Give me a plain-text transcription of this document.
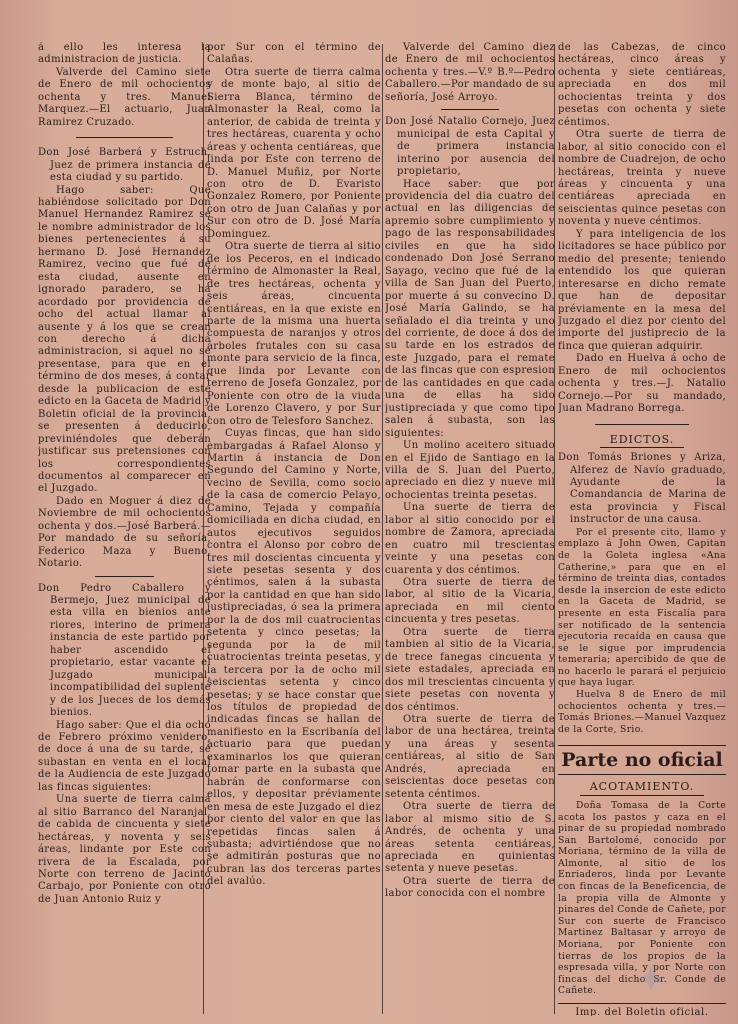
á ello les interesa la administracion de justicia.
Valverde del Camino siete de Enero de mil ochocientos ochenta y tres. Manuel Marquez.—El actuario, Juan Ramirez Cruzado.
Don José Barberá y Estruch, Juez de primera instancia de esta ciudad y su partido.
Hago saber: Que habiéndose solicitado por Don Manuel Hernandez Ramirez se le nombre administrador de los bienes pertenecientes á su hermano D. José Hernandez Ramirez, vecino que fué de esta ciudad, ausente en ignorado paradero, se ha acordado por providencia de ocho del actual llamar al ausente y á los que se crean con derecho á dicha administracion, si aquel no se presentase, para que en el término de dos meses, á contar desde la publicacion de este edicto en la Gaceta de Madrid y Boletin oficial de la provincia, se presenten á deducirlo, previniéndoles que deberán justificar sus pretensiones con los correspondientes documentos al comparecer en el Juzgado.
Dado en Moguer á diez de Noviembre de mil ochocientos ochenta y dos.—José Barberá.—Por mandado de su señoría, Federico Maza y Bueno, Notario.
Don Pedro Caballero y Bermejo, Juez municipal de esta villa en bienios ante riores, interino de primera instancia de este partido por haber ascendido el propietario, estar vacante el Juzgado municipal, incompatibilidad del suplente y de los Jueces de los demás bienios.
Hago saber: Que el dia ocho de Febrero próximo venidero, de doce á una de su tarde, se subastan en venta en el local de la Audiencia de este Juzgado las fincas siguientes:
Una suerte de tierra calma al sitio Barranco del Naranjal, de cabida de cincuenta y siete hectáreas, y noventa y seis áreas, lindante por Este con rivera de la Escalada, por Norte con terreno de Jacinto Carbajo, por Poniente con otro de Juan Antonio Ruiz y
por Sur con el término de Calañas.
Otra suerte de tierra calma y de monte bajo, al sitio de Sierra Blanca, término de Almonaster la Real, como la anterior, de cabida de treinta y tres hectáreas, cuarenta y ocho áreas y ochenta centiáreas, que linda por Este con terreno de D. Manuel Muñiz, por Norte con otro de D. Evaristo Gonzalez Romero, por Poniente con otro de Juan Calañas y por Sur con otro de D. José María Dominguez.
Otra suerte de tierra al sitio de los Peceros, en el indicado término de Almonaster la Real, de tres hectáreas, ochenta y seis áreas, cincuenta centiáreas, en la que existe en parte de la misma una huerta compuesta de naranjos y otros árboles frutales con su casa monte para servicio de la finca, que linda por Levante con terreno de Josefa Gonzalez, por Poniente con otro de la viuda de Lorenzo Clavero, y por Sur con otro de Telesforo Sanchez.
Cuyas fincas, que han sido embargadas á Rafael Alonso y Martin á instancia de Don Segundo del Camino y Norte, vecino de Sevilla, como socio de la casa de comercio Pelayo, Camino, Tejada y compañía domiciliada en dicha ciudad, en autos ejecutivos seguidos contra el Alonso por cobro de tres mil doscientas cincuenta y siete pesetas sesenta y dos céntimos, salen á la subasta por la cantidad en que han sido justipreciadas, ó sea la primera por la de dos mil cuatrocientas setenta y cinco pesetas; la segunda por la de mil cuatrocientas treinta pesetas, y la tercera por la de ocho mil seiscientas setenta y cinco pesetas; y se hace constar que los títulos de propiedad de indicadas fincas se hallan de manifiesto en la Escribanía del actuario para que puedan examinarlos los que quieran tomar parte en la subasta que habrán de conformarse con ellos, y depositar préviamente en mesa de este Juzgado el diez por ciento del valor en que las repetidas fincas salen á subasta; advirtiéndose que no se admitirán posturas que no cubran las dos terceras partes del avalúo.
Valverde del Camino diez de Enero de mil ochocientos ochenta y tres.—V.º B.º—Pedro Caballero.—Por mandado de su señoría, José Arroyo.
Don José Natalio Cornejo, Juez municipal de esta Capital y de primera instancia interino por ausencia del propietario,
Hace saber: que por providencia del dia cuatro del actual en las diligencias de apremio sobre cumplimiento y pago de las responsabilidades civiles en que ha sido condenado Don José Serrano Sayago, vecino que fué de la villa de San Juan del Puerto, por muerte á su convecino D. José María Galindo, se ha señalado el dia treinta y uno del corriente, de doce á dos de su tarde en los estrados de este Juzgado, para el remate de las fincas que con espresion de las cantidades en que cada una de ellas ha sido justipreciada y que como tipo salen á subasta, son las siguientes:
Un molino aceitero situado en el Ejido de Santiago en la villa de S. Juan del Puerto, apreciado en diez y nueve mil ochocientas treinta pesetas.
Una suerte de tierra de labor al sitio conocido por el nombre de Zamora, apreciada en cuatro mil trescientas veinte y una pesetas con cuarenta y dos céntimos.
Otra suerte de tierra de labor, al sitio de la Vicaria, apreciada en mil ciento cincuenta y tres pesetas.
Otra suerte de tierra tambien al sitio de la Vicaria, de trece fanegas cincuenta y siete estadales, apreciada en dos mil trescientas cincuenta y siete pesetas con noventa y dos céntimos.
Otra suerte de tierra de labor de una hectárea, treinta y una áreas y sesenta centiáreas, al sitio de San Andrés, apreciada en seiscientas doce pesetas con setenta céntimos.
Otra suerte de tierra de labor al mismo sitio de S. Andrés, de ochenta y una áreas setenta centiáreas, apreciada en quinientas setenta y nueve pesetas.
Otra suerte de tierra de labor conocida con el nombre
de las Cabezas, de cinco hectáreas, cinco áreas y ochenta y siete centiáreas, apreciada en dos mil ochocientas treinta y dos pesetas con ochenta y siete céntimos.
Otra suerte de tierra de labor, al sitio conocido con el nombre de Cuadrejon, de ocho hectáreas, treinta y nueve áreas y cincuenta y una centiáreas apreciada en seiscientas quince pesetas con noventa y nueve céntimos.
Y para inteligencia de los licitadores se hace público por medio del presente; teniendo entendido los que quieran interesarse en dicho remate que han de depositar préviamente en la mesa del Juzgado el diez por ciento del importe del justiprecio de la finca que quieran adquirir.
Dado en Huelva á ocho de Enero de mil ochocientos ochenta y tres.—J. Natalio Cornejo.—Por su mandado, Juan Madrano Borrega.
EDICTOS.
Don Tomás Briones y Ariza, Alferez de Navío graduado, Ayudante de la Comandancia de Marina de esta provincia y Fiscal instructor de una causa.
Por el presente cito, llamo y emplazo á John Owen, Capitan de la Goleta inglesa «Ana Catherine,» para que en el término de treinta dias, contados desde la insercion de este edicto en la Gaceta de Madrid, se presente en esta Fiscalía para ser notificado de la sentencia ejecutoria recaída en causa que se le sigue por imprudencia temeraria; apercibido de que de no hacerlo le parará el perjuicio que haya lugar.
Huelva 8 de Enero de mil ochocientos ochenta y tres.—Tomás Briones.—Manuel Vazquez de la Corte, Srio.
Parte no oficial
ACOTAMIENTO.
Doña Tomasa de la Corte acota los pastos y caza en el pinar de su propiedad nombrado San Bartolomé, conocido por Moriana, término de la villa de Almonte, al sitio de los Enriaderos, linda por Levante con fincas de la Beneficencia, de la propia villa de Almonte y pinares del Conde de Cañete, por Sur con suerte de Francisco Martinez Baltasar y arroyo de Moriana, por Poniente con tierras de los propios de la espresada villa, y por Norte con fincas del dicho Sr. Conde de Cañete.
Imp. del Boletin oficial.
✦
